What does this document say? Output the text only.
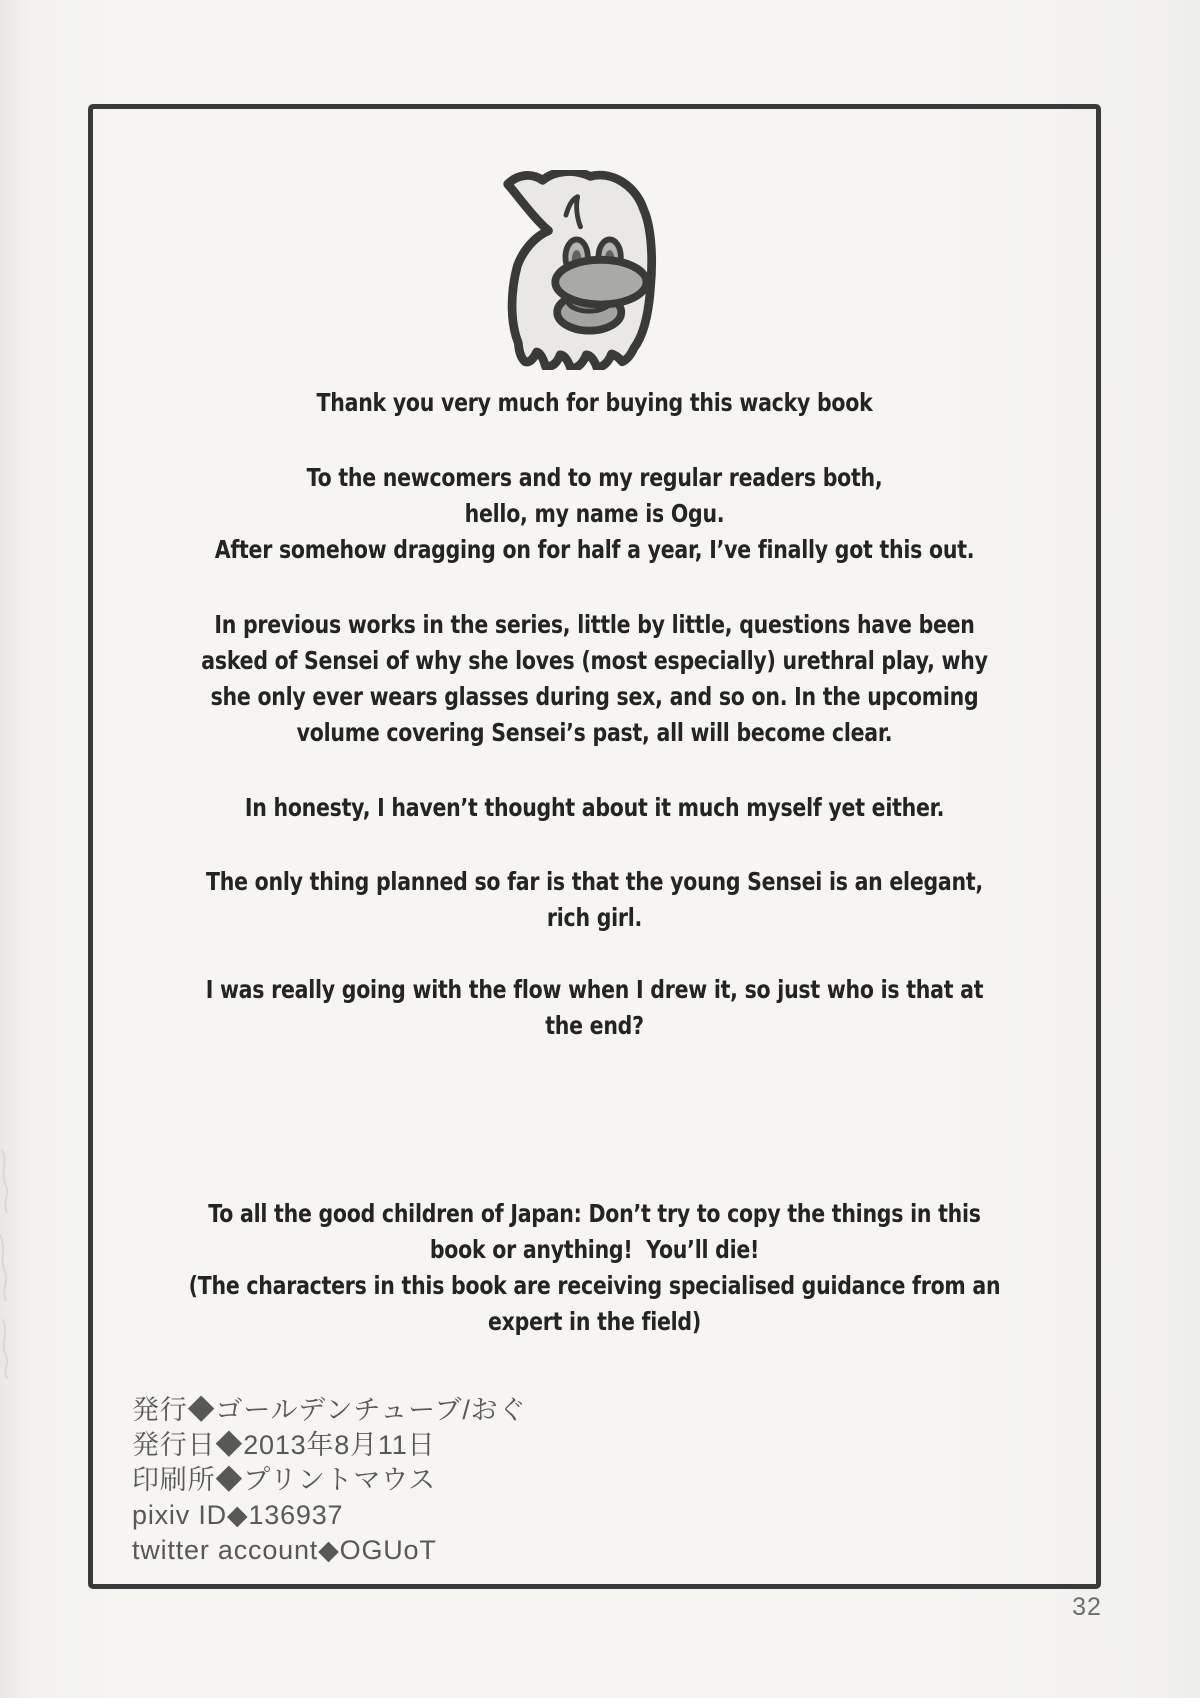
Thank you very much for buying this wacky book
To the newcomers and to my regular readers both,
hello, my name is Ogu.
After somehow dragging on for half a year, I’ve finally got this out.
In previous works in the series, little by little, questions have been
asked of Sensei of why she loves (most especially) urethral play, why
she only ever wears glasses during sex, and so on. In the upcoming
volume covering Sensei’s past, all will become clear.
In honesty, I haven’t thought about it much myself yet either.
The only thing planned so far is that the young Sensei is an elegant,
rich girl.
I was really going with the flow when I drew it, so just who is that at
the end?
To all the good children of Japan: Don’t try to copy the things in this
book or anything!  You’ll die!
(The characters in this book are receiving specialised guidance from an
expert in the field)
発行◆ゴールデンチューブ/おぐ
発行日◆2013年8月11日
印刷所◆プリントマウス
pixiv ID◆136937
twitter account◆OGUoT
32
